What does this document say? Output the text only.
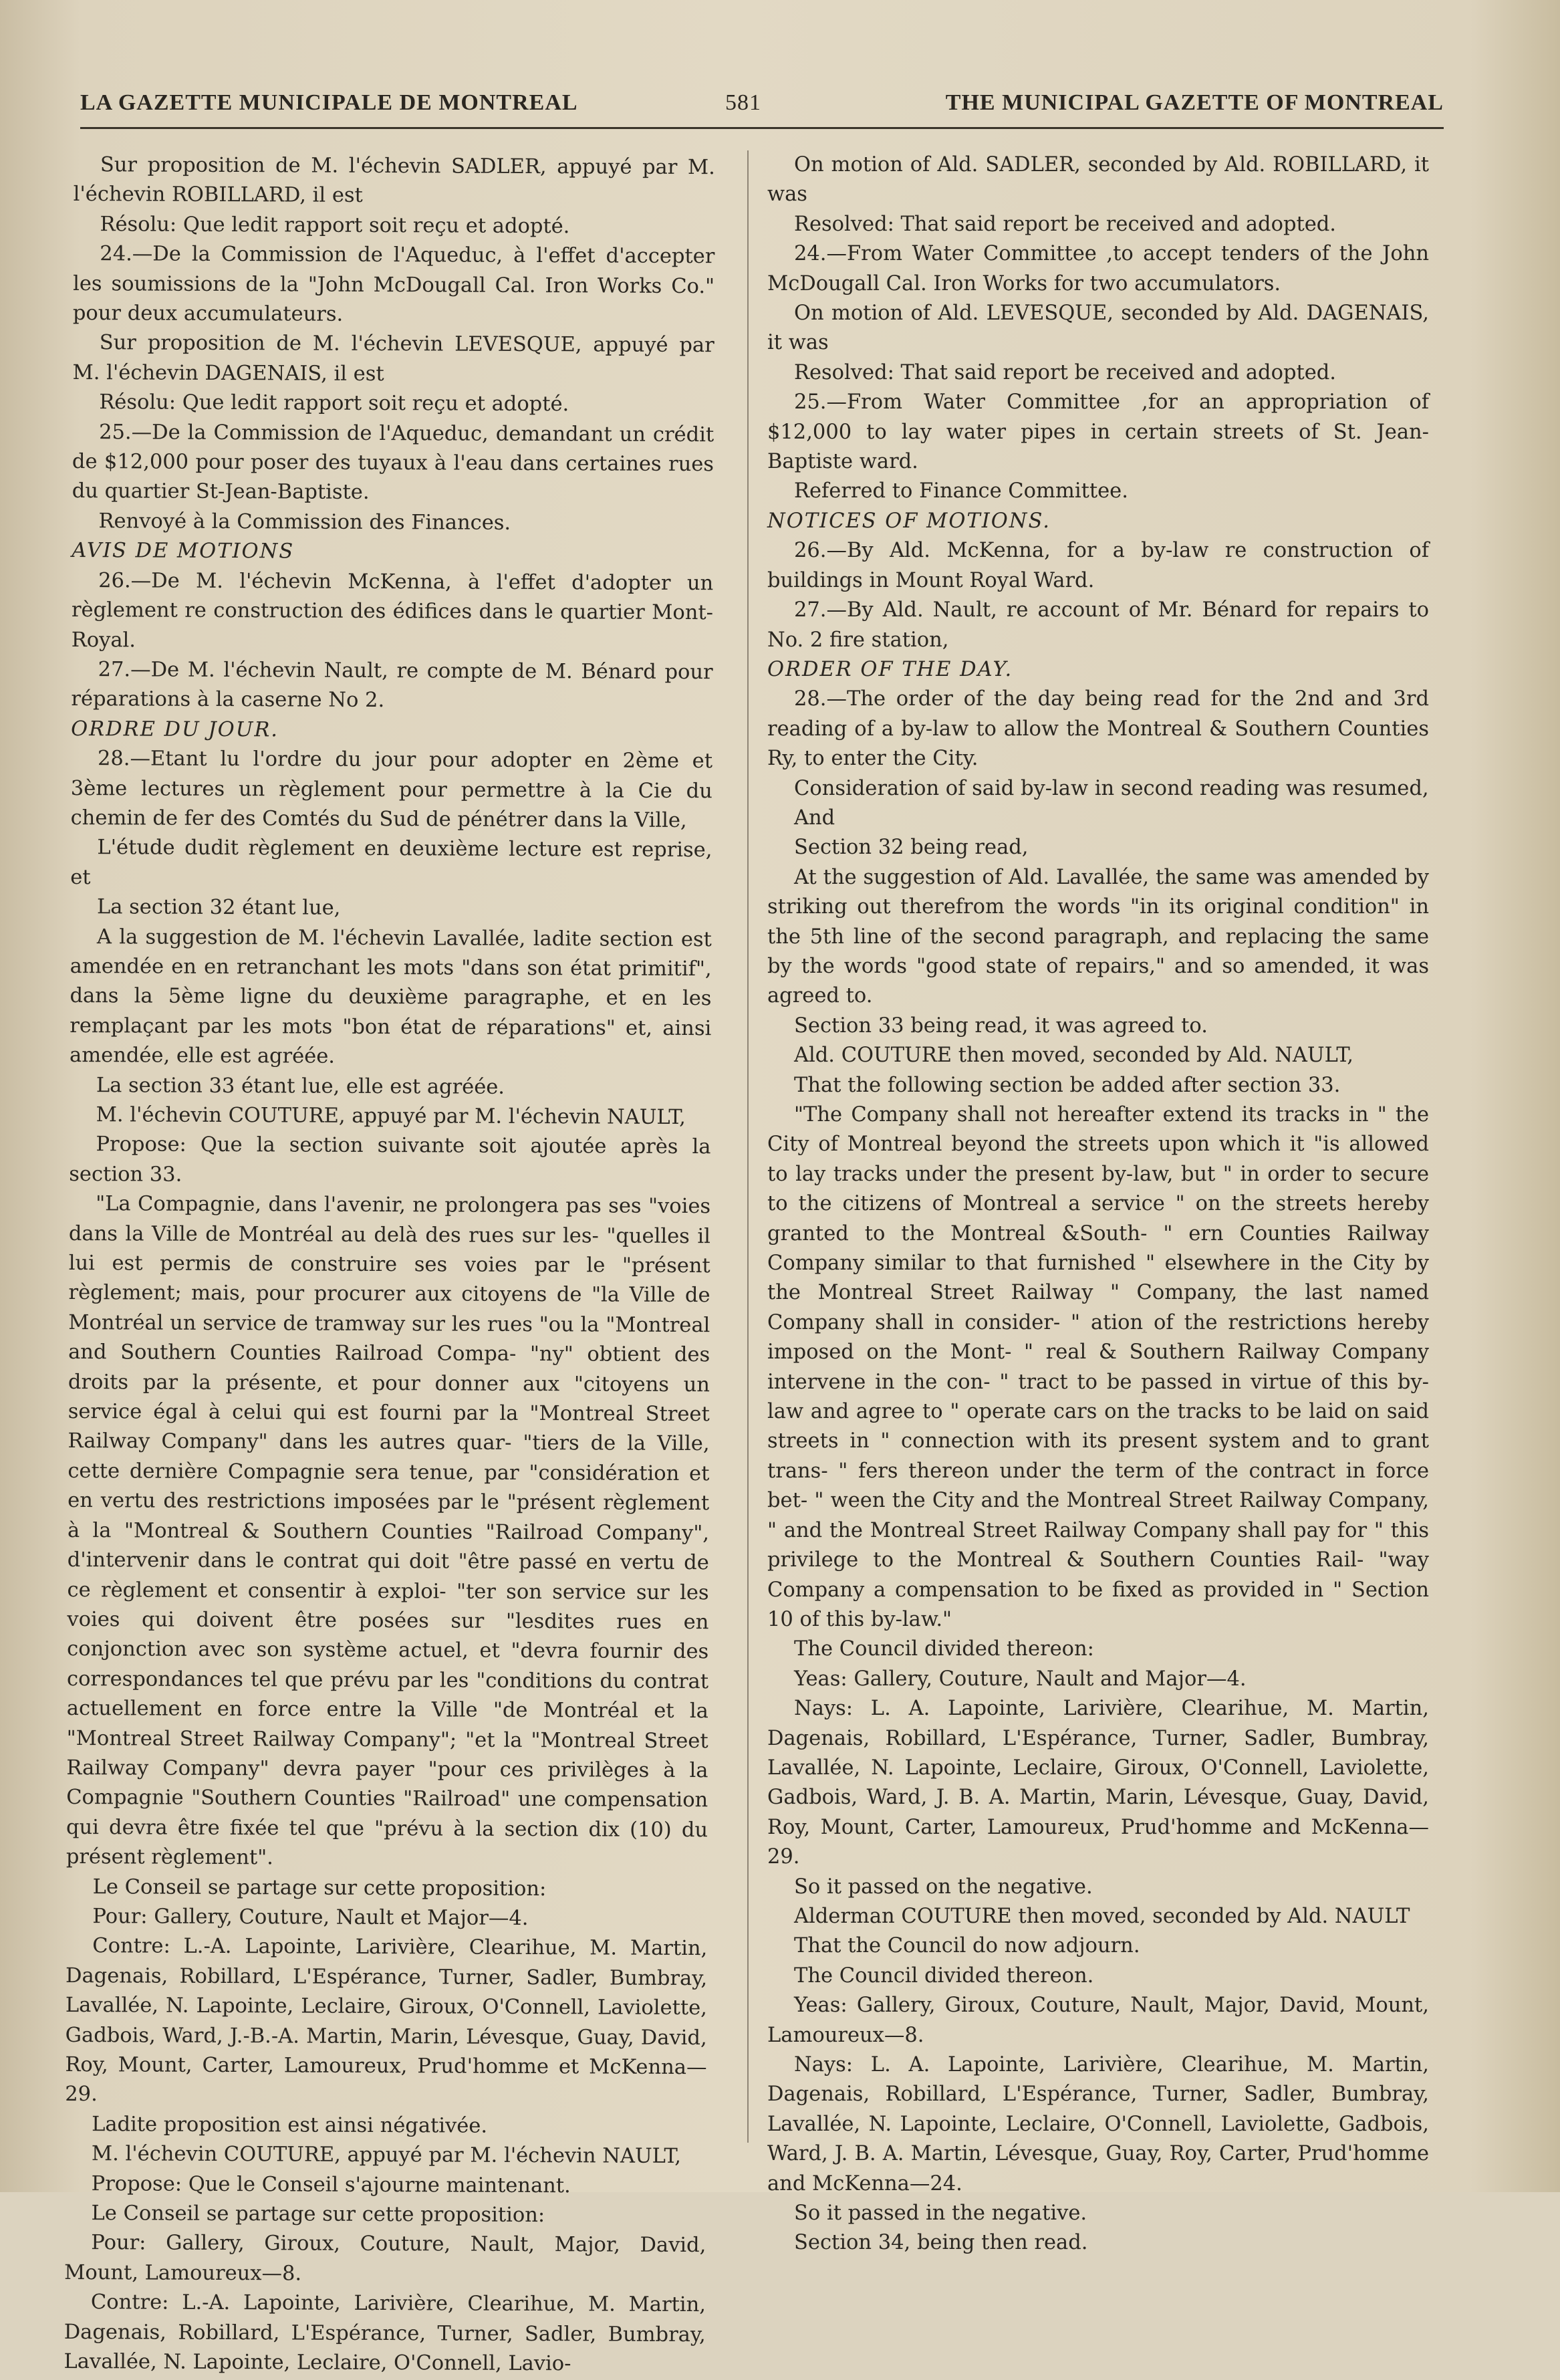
LA GAZETTE MUNICIPALE DE MONTREAL	581	THE MUNICIPAL GAZETTE OF MONTREAL

Sur proposition de M. l'échevin SADLER, appuyé par M. l'échevin ROBILLARD, il est

Résolu: Que ledit rapport soit reçu et adopté.

24.—De la Commission de l'Aqueduc, à l'effet d'accepter les soumissions de la "John McDougall Cal. Iron Works Co." pour deux accumulateurs.

Sur proposition de M. l'échevin LEVESQUE, appuyé par M. l'échevin DAGENAIS, il est

Résolu: Que ledit rapport soit reçu et adopté.

25.—De la Commission de l'Aqueduc, demandant un crédit de $12,000 pour poser des tuyaux à l'eau dans certaines rues du quartier St-Jean-Baptiste.

Renvoyé à la Commission des Finances.

AVIS DE MOTIONS

26.—De M. l'échevin McKenna, à l'effet d'adopter un règlement re construction des édifices dans le quartier Mont-Royal.

27.—De M. l'échevin Nault, re compte de M. Bénard pour réparations à la caserne No 2.

ORDRE DU JOUR.

28.—Etant lu l'ordre du jour pour adopter en 2ème et 3ème lectures un règlement pour permettre à la Cie du chemin de fer des Comtés du Sud de pénétrer dans la Ville,

L'étude dudit règlement en deuxième lecture est reprise, et

La section 32 étant lue,

A la suggestion de M. l'échevin Lavallée, ladite section est amendée en en retranchant les mots "dans son état primitif", dans la 5ème ligne du deuxième paragraphe, et en les remplaçant par les mots "bon état de réparations" et, ainsi amendée, elle est agréée.

La section 33 étant lue, elle est agréée.

M. l'échevin COUTURE, appuyé par M. l'échevin NAULT,

Propose: Que la section suivante soit ajoutée après la section 33.

"La Compagnie, dans l'avenir, ne prolongera pas ses "voies dans la Ville de Montréal au delà des rues sur les- "quelles il lui est permis de construire ses voies par le "présent règlement; mais, pour procurer aux citoyens de "la Ville de Montréal un service de tramway sur les rues "ou la "Montreal and Southern Counties Railroad Compa- "ny" obtient des droits par la présente, et pour donner aux "citoyens un service égal à celui qui est fourni par la "Montreal Street Railway Company" dans les autres quar- "tiers de la Ville, cette dernière Compagnie sera tenue, par "considération et en vertu des restrictions imposées par le "présent règlement à la "Montreal & Southern Counties "Railroad Company", d'intervenir dans le contrat qui doit "être passé en vertu de ce règlement et consentir à exploi- "ter son service sur les voies qui doivent être posées sur "lesdites rues en conjonction avec son système actuel, et "devra fournir des correspondances tel que prévu par les "conditions du contrat actuellement en force entre la Ville "de Montréal et la "Montreal Street Railway Company"; "et la "Montreal Street Railway Company" devra payer "pour ces privilèges à la Compagnie "Southern Counties "Railroad" une compensation qui devra être fixée tel que "prévu à la section dix (10) du présent règlement".

Le Conseil se partage sur cette proposition:

Pour: Gallery, Couture, Nault et Major—4.

Contre: L.-A. Lapointe, Larivière, Clearihue, M. Martin, Dagenais, Robillard, L'Espérance, Turner, Sadler, Bumbray, Lavallée, N. Lapointe, Leclaire, Giroux, O'Connell, Laviolette, Gadbois, Ward, J.-B.-A. Martin, Marin, Lévesque, Guay, David, Roy, Mount, Carter, Lamoureux, Prud'homme et McKenna—29.

Ladite proposition est ainsi négativée.

M. l'échevin COUTURE, appuyé par M. l'échevin NAULT,

Propose: Que le Conseil s'ajourne maintenant.

Le Conseil se partage sur cette proposition:

Pour: Gallery, Giroux, Couture, Nault, Major, David, Mount, Lamoureux—8.

Contre: L.-A. Lapointe, Larivière, Clearihue, M. Martin, Dagenais, Robillard, L'Espérance, Turner, Sadler, Bumbray, Lavallée, N. Lapointe, Leclaire, O'Connell, Lavio-

On motion of Ald. SADLER, seconded by Ald. ROBILLARD, it was

Resolved: That said report be received and adopted.

24.—From Water Committee ,to accept tenders of the John McDougall Cal. Iron Works for two accumulators.

On motion of Ald. LEVESQUE, seconded by Ald. DAGENAIS, it was

Resolved: That said report be received and adopted.

25.—From Water Committee ,for an appropriation of $12,000 to lay water pipes in certain streets of St. Jean-Baptiste ward.

Referred to Finance Committee.

NOTICES OF MOTIONS.

26.—By Ald. McKenna, for a by-law re construction of buildings in Mount Royal Ward.

27.—By Ald. Nault, re account of Mr. Bénard for repairs to No. 2 fire station,

ORDER OF THE DAY.

28.—The order of the day being read for the 2nd and 3rd reading of a by-law to allow the Montreal & Southern Counties Ry, to enter the City.

Consideration of said by-law in second reading was resumed,

And

Section 32 being read,

At the suggestion of Ald. Lavallée, the same was amended by striking out therefrom the words "in its original condition" in the 5th line of the second paragraph, and replacing the same by the words "good state of repairs," and so amended, it was agreed to.

Section 33 being read, it was agreed to.

Ald. COUTURE then moved, seconded by Ald. NAULT,

That the following section be added after section 33.

"The Company shall not hereafter extend its tracks in " the City of Montreal beyond the streets upon which it "is allowed to lay tracks under the present by-law, but " in order to secure to the citizens of Montreal a service " on the streets hereby granted to the Montreal &South- " ern Counties Railway Company similar to that furnished " elsewhere in the City by the Montreal Street Railway " Company, the last named Company shall in consider- " ation of the restrictions hereby imposed on the Mont- " real & Southern Railway Company intervene in the con- " tract to be passed in virtue of this by-law and agree to " operate cars on the tracks to be laid on said streets in " connection with its present system and to grant trans- " fers thereon under the term of the contract in force bet- " ween the City and the Montreal Street Railway Company, " and the Montreal Street Railway Company shall pay for " this privilege to the Montreal & Southern Counties Rail- "way Company a compensation to be fixed as provided in " Section 10 of this by-law."

The Council divided thereon:

Yeas: Gallery, Couture, Nault and Major—4.

Nays: L. A. Lapointe, Larivière, Clearihue, M. Martin, Dagenais, Robillard, L'Espérance, Turner, Sadler, Bumbray, Lavallée, N. Lapointe, Leclaire, Giroux, O'Connell, Laviolette, Gadbois, Ward, J. B. A. Martin, Marin, Lévesque, Guay, David, Roy, Mount, Carter, Lamoureux, Prud'homme and McKenna—29.

So it passed on the negative.

Alderman COUTURE then moved, seconded by Ald. NAULT

That the Council do now adjourn.

The Council divided thereon.

Yeas: Gallery, Giroux, Couture, Nault, Major, David, Mount, Lamoureux—8.

Nays: L. A. Lapointe, Larivière, Clearihue, M. Martin, Dagenais, Robillard, L'Espérance, Turner, Sadler, Bumbray, Lavallée, N. Lapointe, Leclaire, O'Connell, Laviolette, Gadbois, Ward, J. B. A. Martin, Lévesque, Guay, Roy, Carter, Prud'homme and McKenna—24.

So it passed in the negative.

Section 34, being then read.
